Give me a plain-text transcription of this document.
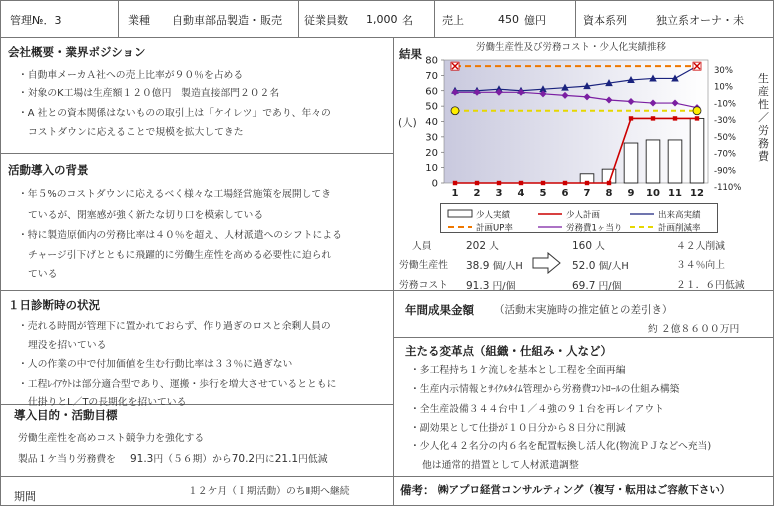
管理№．3	業種 自動車部品製造・販売 従業員数 1,000 名	売上	450 億円	資本系列	独立系オーナ・未
会社概要・業界ポジション
・自動車メーカＡ社への売上比率が９０％を占める
・対象のK工場は生産額１２０億円　製造直接部門２０２名
・A 社との資本関係はないものの取引上は「ケイレツ」であり、年々の
コストダウンに応えることで規模を拡大してきた
活動導入の背景
・年５%のコストダウンに応えるべく様々な工場経営施策を展開してき
ているが、閉塞感が強く新たな切り口を模索している
・特に製造原価内の労務比率は４０％を超え、人材派遣へのシフトによる
チャージ引下げとともに飛躍的に労働生産性を高める必要性に迫られ
ている
１日診断時の状況
・売れる時間が管理下に置かれておらず、作り過ぎのロスと余剰人員の
埋没を招いている
・人の作業の中で付加価値を生む行動比率は３３％に過ぎない
・工程ﾚｲｱｳﾄは部分適合型であり、運搬・歩行を増大させているとともに
仕掛りとL／Tの長期化を招いている
導入目的・活動目標
労働生産性を高めコスト競争力を強化する
製品１ケ当り労務費を 91.3円（５６期）から70.2円に21.1円低減
期間	１２ケ月（Ｉ期活動）のちⅡ期へ継続
結果
(人)
生産性／労務費
労働生産性及び労務コスト・少人化実績推移
0
10
20
30
40
50
60
70
80
30%
10%
-10%
-30%
-50%
-70%
-90%
-110%
1 2 3 4 5 6 7 8 9 10 11 12
少人実績	少人計画	出来高実績
計画UP率	労務費1ヶ当り	計画削減率
人員	202 人	160 人	４２人削減
労働生産性 38.9 個/人H	52.0 個/人H	３４％向上
労務コスト 91.3 円/個	69.7 円/個	２１．６円低減
年間成果金額 （活動末実施時の推定値との差引き）
約 ２億８６００万円
主たる変革点（組織・仕組み・人など）
・多工程持ち１ケ流しを基本とし工程を全面再編
・生産内示情報とｻｲｸﾙﾀｲﾑ管理から労務費ｺﾝﾄﾛｰﾙの仕組み構築
・全生産設備３４４台中１／４強の９１台を再レイアウト
・副効果として仕掛が１０日分から８日分に削減
・少人化４２名分の内６名を配置転換し活人化(物流ＰＪなどへ充当)
他は通常的措置として人材派遣調整
備考： ㈱アプロ経営コンサルティング（複写・転用はご容赦下さい）
